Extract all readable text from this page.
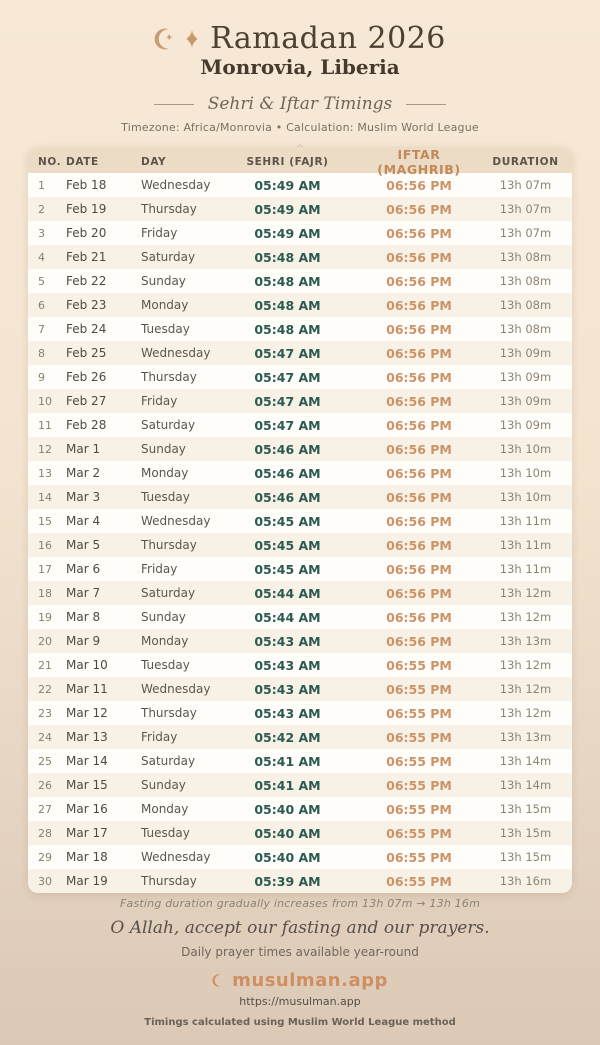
Ramadan 2026
Monrovia, Liberia
Sehri & Iftar Timings
Timezone: Africa/Monrovia • Calculation: Muslim World League
NO. DATE	DAY	SEHRI (FAJR)	IFTAR (MAGHRIB)	DURATION
1	Feb 18	Wednesday	05:49 AM	06:56 PM	13h 07m
2	Feb 19	Thursday	05:49 AM	06:56 PM	13h 07m
3	Feb 20	Friday	05:49 AM	06:56 PM	13h 07m
4	Feb 21	Saturday	05:48 AM	06:56 PM	13h 08m
5	Feb 22	Sunday	05:48 AM	06:56 PM	13h 08m
6	Feb 23	Monday	05:48 AM	06:56 PM	13h 08m
7	Feb 24	Tuesday	05:48 AM	06:56 PM	13h 08m
8	Feb 25	Wednesday	05:47 AM	06:56 PM	13h 09m
9	Feb 26	Thursday	05:47 AM	06:56 PM	13h 09m
10	Feb 27	Friday	05:47 AM	06:56 PM	13h 09m
11	Feb 28	Saturday	05:47 AM	06:56 PM	13h 09m
12	Mar 1	Sunday	05:46 AM	06:56 PM	13h 10m
13	Mar 2	Monday	05:46 AM	06:56 PM	13h 10m
14	Mar 3	Tuesday	05:46 AM	06:56 PM	13h 10m
15	Mar 4	Wednesday	05:45 AM	06:56 PM	13h 11m
16	Mar 5	Thursday	05:45 AM	06:56 PM	13h 11m
17	Mar 6	Friday	05:45 AM	06:56 PM	13h 11m
18	Mar 7	Saturday	05:44 AM	06:56 PM	13h 12m
19	Mar 8	Sunday	05:44 AM	06:56 PM	13h 12m
20	Mar 9	Monday	05:43 AM	06:56 PM	13h 13m
21	Mar 10	Tuesday	05:43 AM	06:55 PM	13h 12m
22	Mar 11	Wednesday	05:43 AM	06:55 PM	13h 12m
23	Mar 12	Thursday	05:43 AM	06:55 PM	13h 12m
24	Mar 13	Friday	05:42 AM	06:55 PM	13h 13m
25	Mar 14	Saturday	05:41 AM	06:55 PM	13h 14m
26	Mar 15	Sunday	05:41 AM	06:55 PM	13h 14m
27	Mar 16	Monday	05:40 AM	06:55 PM	13h 15m
28	Mar 17	Tuesday	05:40 AM	06:55 PM	13h 15m
29	Mar 18	Wednesday	05:40 AM	06:55 PM	13h 15m
30	Mar 19	Thursday	05:39 AM	06:55 PM	13h 16m
Fasting duration gradually increases from 13h 07m → 13h 16m
O Allah, accept our fasting and our prayers.
Daily prayer times available year-round
musulman.app
https://musulman.app
Timings calculated using Muslim World League method
